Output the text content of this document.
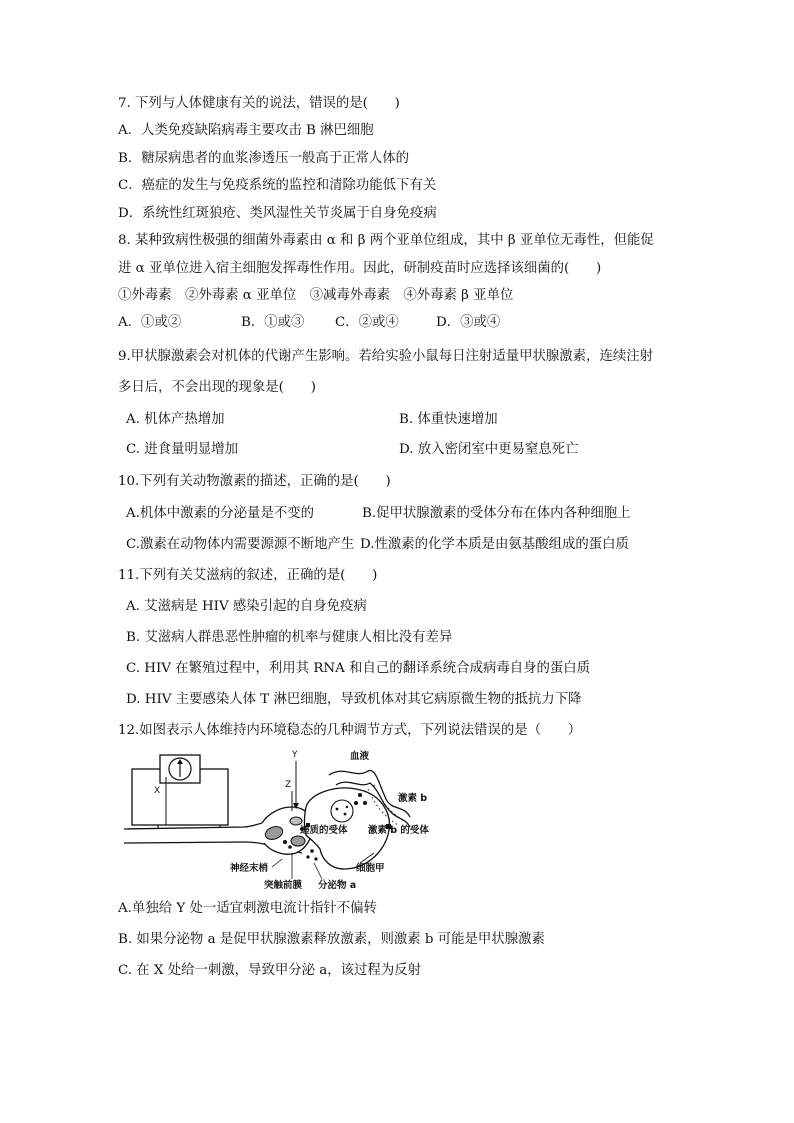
7. 下列与人体健康有关的说法，错误的是(　　)
A．人类免疫缺陷病毒主要攻击 B 淋巴细胞
B．糖尿病患者的血浆渗透压一般高于正常人体的
C．癌症的发生与免疫系统的监控和清除功能低下有关
D．系统性红斑狼疮、类风湿性关节炎属于自身免疫病
8. 某种致病性极强的细菌外毒素由 α 和 β 两个亚单位组成，其中 β 亚单位无毒性，但能促
进 α 亚单位进入宿主细胞发挥毒性作用。因此，研制疫苗时应选择该细菌的(　　)
①外毒素　②外毒素 α 亚单位　③减毒外毒素　④外毒素 β 亚单位
A．①或②	B．①或③ C．②或④	D．③或④
9.甲状腺激素会对机体的代谢产生影响。若给实验小鼠每日注射适量甲状腺激素，连续注射
多日后，不会出现的现象是(　　)
A. 机体产热增加	B. 体重快速增加
C. 进食量明显增加	D. 放入密闭室中更易窒息死亡
10.下列有关动物激素的描述，正确的是(　　)
A.机体中激素的分泌量是不变的	B.促甲状腺激素的受体分布在体内各种细胞上
C.激素在动物体内需要源源不断地产生 D.性激素的化学本质是由氨基酸组成的蛋白质
11.下列有关艾滋病的叙述，正确的是(　　)
A. 艾滋病是 HIV 感染引起的自身免疫病
B. 艾滋病人群患恶性肿瘤的机率与健康人相比没有差异
C. HIV 在繁殖过程中，利用其 RNA 和自己的翻译系统合成病毒自身的蛋白质
D. HIV 主要感染人体 T 淋巴细胞，导致机体对其它病原微生物的抵抗力下降
12.如图表示人体维持内环境稳态的几种调节方式，下列说法错误的是（　　）
X
Z
Y	血液
激素 b
递质的受体 激素 b 的受体
神经末梢	细胞甲
突触前膜 分泌物 a
A.单独给 Y 处一适宜刺激电流计指针不偏转
B. 如果分泌物 a 是促甲状腺激素释放激素，则激素 b 可能是甲状腺激素
C. 在 X 处给一刺激，导致甲分泌 a，该过程为反射
